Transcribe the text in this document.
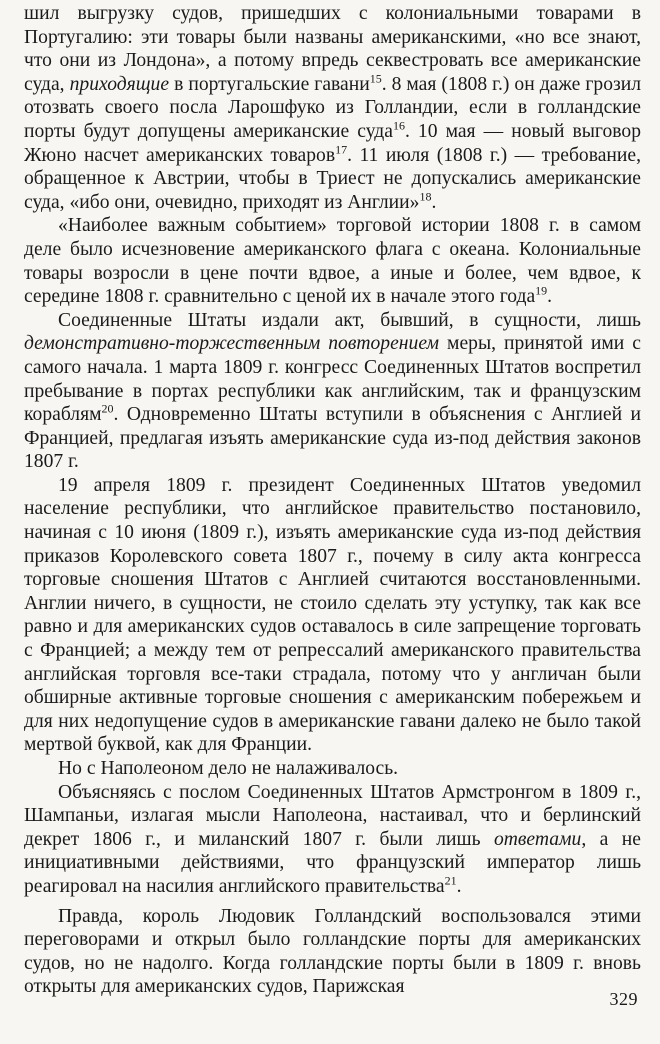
шил выгрузку судов, пришедших с колониальными товарами в Португалию: эти товары были названы американскими, «но все знают, что они из Лондона», а потому впредь секвестровать все американские суда, приходящие в португальские гавани$^{15}$. 8 мая (1808 г.) он даже грозил отозвать своего посла Ларошфуко из Голландии, если в голландские порты будут допущены американские суда$^{16}$. 10 мая — новый выговор Жюно насчет американских товаров$^{17}$. 11 июля (1808 г.) — требование, обращенное к Австрии, чтобы в Триест не допускались американские суда, «ибо они, очевидно, приходят из Англии»$^{18}$.

«Наиболее важным событием» торговой истории 1808 г. в самом деле было исчезновение американского флага с океана. Колониальные товары возросли в цене почти вдвое, а иные и более, чем вдвое, к середине 1808 г. сравнительно с ценой их в начале этого года$^{19}$.

Соединенные Штаты издали акт, бывший, в сущности, лишь демонстративно-торжественным повторением меры, принятой ими с самого начала. 1 марта 1809 г. конгресс Соединенных Штатов воспретил пребывание в портах республики как английским, так и французским кораблям$^{20}$. Одновременно Штаты вступили в объяснения с Англией и Францией, предлагая изъять американские суда из-под действия законов 1807 г.

19 апреля 1809 г. президент Соединенных Штатов уведомил население республики, что английское правительство постановило, начиная с 10 июня (1809 г.), изъять американские суда из-под действия приказов Королевского совета 1807 г., почему в силу акта конгресса торговые сношения Штатов с Англией считаются восстановленными. Англии ничего, в сущности, не стоило сделать эту уступку, так как все равно и для американских судов оставалось в силе запрещение торговать с Францией; а между тем от репрессалий американского правительства английская торговля все-таки страдала, потому что у англичан были обширные активные торговые сношения с американским побережьем и для них недопущение судов в американские гавани далеко не было такой мертвой буквой, как для Франции.

Но с Наполеоном дело не налаживалось.

Объясняясь с послом Соединенных Штатов Армстронгом в 1809 г., Шампаньи, излагая мысли Наполеона, настаивал, что и берлинский декрет 1806 г., и миланский 1807 г. были лишь ответами, а не инициативными действиями, что французский император лишь реагировал на насилия английского правительства$^{21}$.

Правда, король Людовик Голландский воспользовался этими переговорами и открыл было голландские порты для американских судов, но не надолго. Когда голландские порты были в 1809 г. вновь открыты для американских судов, Парижская

329
